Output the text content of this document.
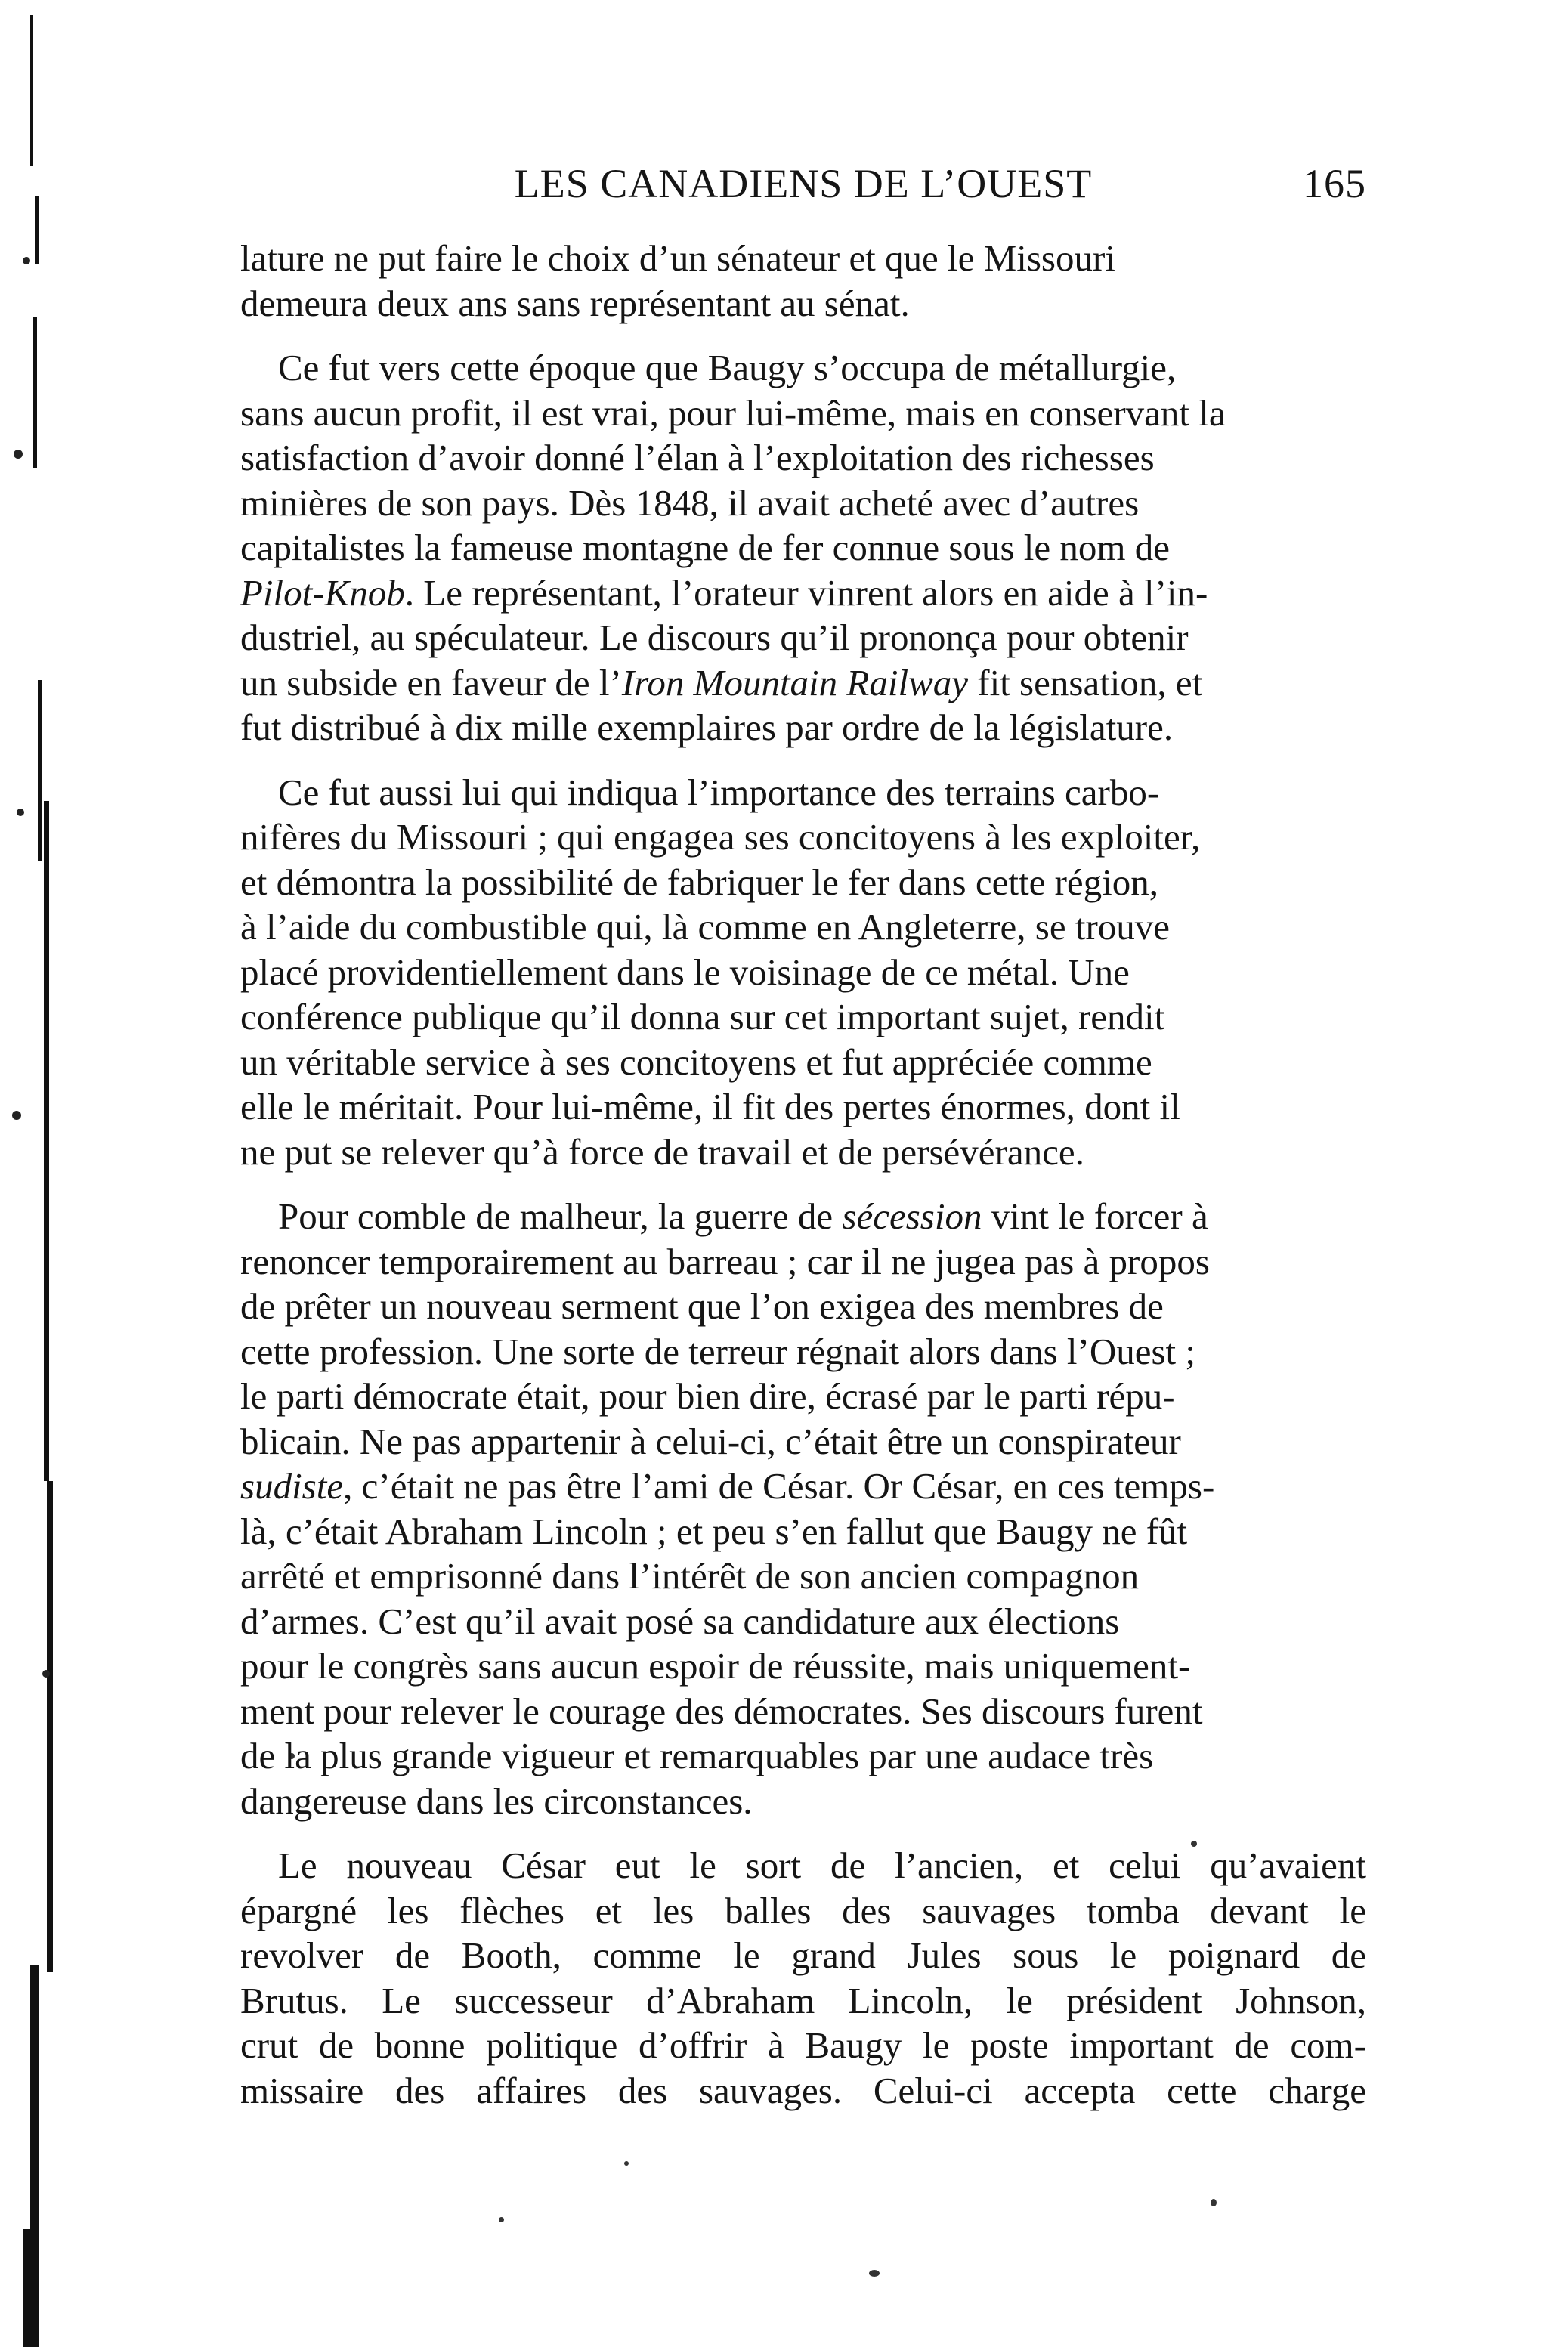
LES CANADIENS DE L’OUEST	165

lature ne put faire le choix d’un sénateur et que le Missouri
demeura deux ans sans représentant au sénat.

Ce fut vers cette époque que Baugy s’occupa de métallurgie,
sans aucun profit, il est vrai, pour lui-même, mais en conservant la
satisfaction d’avoir donné l’élan à l’exploitation des richesses
minières de son pays. Dès 1848, il avait acheté avec d’autres
capitalistes la fameuse montagne de fer connue sous le nom de
Pilot-Knob. Le représentant, l’orateur vinrent alors en aide à l’in-
dustriel, au spéculateur. Le discours qu’il prononça pour obtenir
un subside en faveur de l’Iron Mountain Railway fit sensation, et
fut distribué à dix mille exemplaires par ordre de la législature.

Ce fut aussi lui qui indiqua l’importance des terrains carbo-
nifères du Missouri ; qui engagea ses concitoyens à les exploiter,
et démontra la possibilité de fabriquer le fer dans cette région,
à l’aide du combustible qui, là comme en Angleterre, se trouve
placé providentiellement dans le voisinage de ce métal. Une
conférence publique qu’il donna sur cet important sujet, rendit
un véritable service à ses concitoyens et fut appréciée comme
elle le méritait. Pour lui-même, il fit des pertes énormes, dont il
ne put se relever qu’à force de travail et de persévérance.

Pour comble de malheur, la guerre de sécession vint le forcer à
renoncer temporairement au barreau ; car il ne jugea pas à propos
de prêter un nouveau serment que l’on exigea des membres de
cette profession. Une sorte de terreur régnait alors dans l’Ouest ;
le parti démocrate était, pour bien dire, écrasé par le parti répu-
blicain. Ne pas appartenir à celui-ci, c’était être un conspirateur
sudiste, c’était ne pas être l’ami de César. Or César, en ces temps-
là, c’était Abraham Lincoln ; et peu s’en fallut que Baugy ne fût
arrêté et emprisonné dans l’intérêt de son ancien compagnon
d’armes. C’est qu’il avait posé sa candidature aux élections
pour le congrès sans aucun espoir de réussite, mais uniquement-
ment pour relever le courage des démocrates. Ses discours furent
de la plus grande vigueur et remarquables par une audace très
dangereuse dans les circonstances.

Le nouveau César eut le sort de l’ancien, et celui qu’avaient
épargné les flèches et les balles des sauvages tomba devant le
revolver de Booth, comme le grand Jules sous le poignard de
Brutus. Le successeur d’Abraham Lincoln, le président Johnson,
crut de bonne politique d’offrir à Baugy le poste important de com-
missaire des affaires des sauvages. Celui-ci accepta cette charge
